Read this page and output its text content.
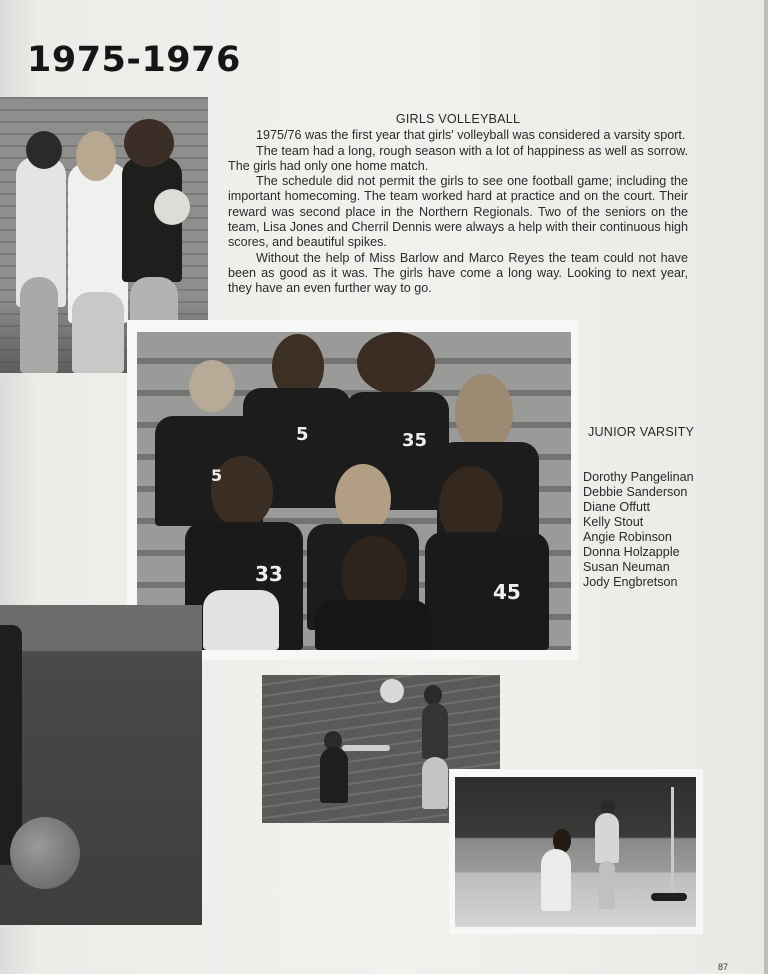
1975-1976
GIRLS VOLLEYBALL

1975/76 was the first year that girls' volleyball was considered a varsity sport.

The team had a long, rough season with a lot of happiness as well as sorrow. The girls had only one home match.

The schedule did not permit the girls to see one football game; including the important homecoming. The team worked hard at practice and on the court. Their reward was second place in the Northern Regionals. Two of the seniors on the team, Lisa Jones and Cherril Dennis were always a help with their continuous high scores, and beautiful spikes.

Without the help of Miss Barlow and Marco Reyes the team could not have been as good as it was. The girls have come a long way. Looking to next year, they have an even further way to go.

5	35
33
45
5
JUNIOR VARSITY
Dorothy Pangelinan
Debbie Sanderson
Diane Offutt
Kelly Stout
Angie Robinson
Donna Holzapple
Susan Neuman
Jody Engbretson
87
